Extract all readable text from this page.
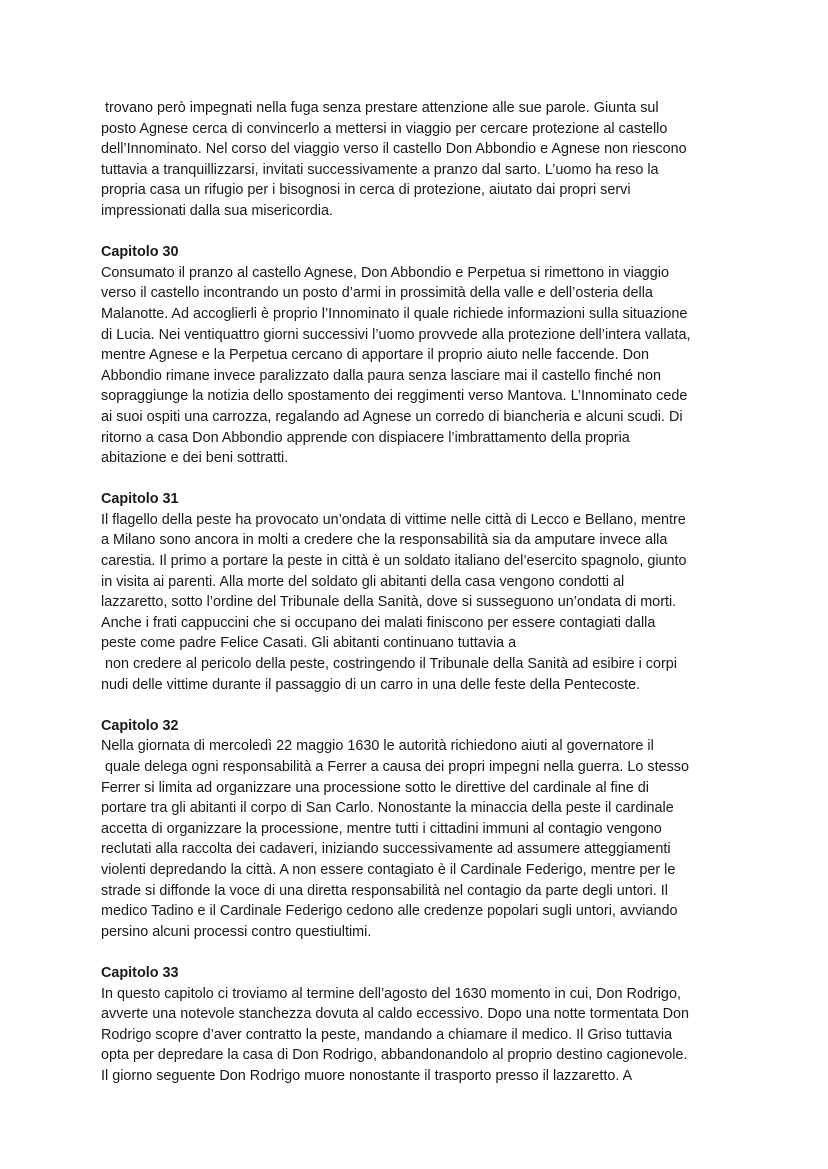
trovano però impegnati nella fuga senza prestare attenzione alle sue parole. Giunta sul
posto Agnese cerca di convincerlo a mettersi in viaggio per cercare protezione al castello
dell’Innominato. Nel corso del viaggio verso il castello Don Abbondio e Agnese non riescono
tuttavia a tranquillizzarsi, invitati successivamente a pranzo dal sarto. L’uomo ha reso la
propria casa un rifugio per i bisognosi in cerca di protezione, aiutato dai propri servi
impressionati dalla sua misericordia.
Capitolo 30
Consumato il pranzo al castello Agnese, Don Abbondio e Perpetua si rimettono in viaggio
verso il castello incontrando un posto d’armi in prossimità della valle e dell’osteria della
Malanotte. Ad accoglierli è proprio l’Innominato il quale richiede informazioni sulla situazione
di Lucia. Nei ventiquattro giorni successivi l’uomo provvede alla protezione dell’intera vallata,
mentre Agnese e la Perpetua cercano di apportare il proprio aiuto nelle faccende. Don
Abbondio rimane invece paralizzato dalla paura senza lasciare mai il castello finché non
sopraggiunge la notizia dello spostamento dei reggimenti verso Mantova. L’Innominato cede
ai suoi ospiti una carrozza, regalando ad Agnese un corredo di biancheria e alcuni scudi. Di
ritorno a casa Don Abbondio apprende con dispiacere l’imbrattamento della propria
abitazione e dei beni sottratti.
Capitolo 31
Il flagello della peste ha provocato un’ondata di vittime nelle città di Lecco e Bellano, mentre
a Milano sono ancora in molti a credere che la responsabilità sia da amputare invece alla
carestia. Il primo a portare la peste in città è un soldato italiano del’esercito spagnolo, giunto
in visita ai parenti. Alla morte del soldato gli abitanti della casa vengono condotti al
lazzaretto, sotto l’ordine del Tribunale della Sanità, dove si susseguono un’ondata di morti.
Anche i frati cappuccini che si occupano dei malati finiscono per essere contagiati dalla
peste come padre Felice Casati. Gli abitanti continuano tuttavia a
non credere al pericolo della peste, costringendo il Tribunale della Sanità ad esibire i corpi
nudi delle vittime durante il passaggio di un carro in una delle feste della Pentecoste.
Capitolo 32
Nella giornata di mercoledì 22 maggio 1630 le autorità richiedono aiuti al governatore il
quale delega ogni responsabilità a Ferrer a causa dei propri impegni nella guerra. Lo stesso
Ferrer si limita ad organizzare una processione sotto le direttive del cardinale al fine di
portare tra gli abitanti il corpo di San Carlo. Nonostante la minaccia della peste il cardinale
accetta di organizzare la processione, mentre tutti i cittadini immuni al contagio vengono
reclutati alla raccolta dei cadaveri, iniziando successivamente ad assumere atteggiamenti
violenti depredando la città. A non essere contagiato è il Cardinale Federigo, mentre per le
strade si diffonde la voce di una diretta responsabilità nel contagio da parte degli untori. Il
medico Tadino e il Cardinale Federigo cedono alle credenze popolari sugli untori, avviando
persino alcuni processi contro questiultimi.
Capitolo 33
In questo capitolo ci troviamo al termine dell’agosto del 1630 momento in cui, Don Rodrigo,
avverte una notevole stanchezza dovuta al caldo eccessivo. Dopo una notte tormentata Don
Rodrigo scopre d’aver contratto la peste, mandando a chiamare il medico. Il Griso tuttavia
opta per depredare la casa di Don Rodrigo, abbandonandolo al proprio destino cagionevole.
Il giorno seguente Don Rodrigo muore nonostante il trasporto presso il lazzaretto. A
